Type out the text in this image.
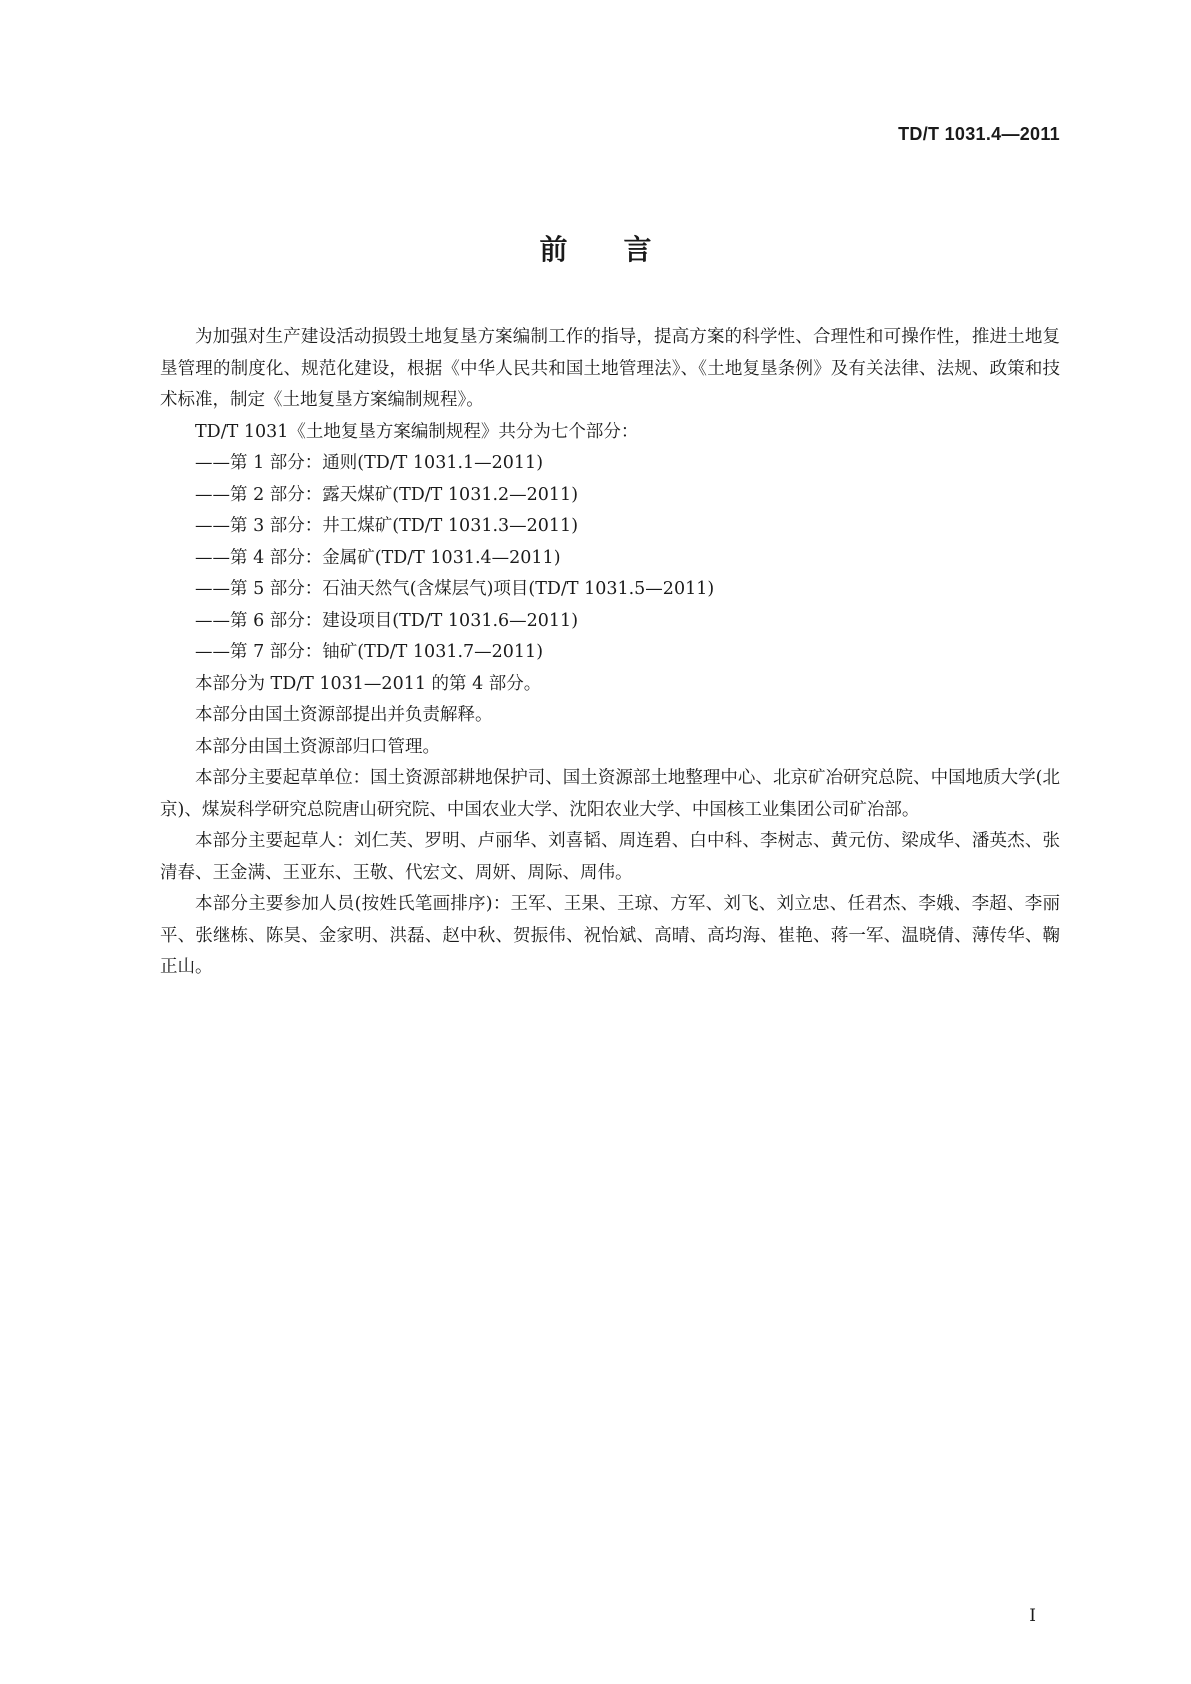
TD/T 1031.4—2011
前 言

为加强对生产建设活动损毁土地复垦方案编制工作的指导，提高方案的科学性、合理性和可操作性，推进土地复垦管理的制度化、规范化建设，根据《中华人民共和国土地管理法》、《土地复垦条例》及有关法律、法规、政策和技术标准，制定《土地复垦方案编制规程》。

TD/T 1031《土地复垦方案编制规程》共分为七个部分：

——第 1 部分：通则(TD/T 1031.1—2011)

——第 2 部分：露天煤矿(TD/T 1031.2—2011)

——第 3 部分：井工煤矿(TD/T 1031.3—2011)

——第 4 部分：金属矿(TD/T 1031.4—2011)

——第 5 部分：石油天然气(含煤层气)项目(TD/T 1031.5—2011)

——第 6 部分：建设项目(TD/T 1031.6—2011)

——第 7 部分：铀矿(TD/T 1031.7—2011)

本部分为 TD/T 1031—2011 的第 4 部分。

本部分由国土资源部提出并负责解释。

本部分由国土资源部归口管理。

本部分主要起草单位：国土资源部耕地保护司、国土资源部土地整理中心、北京矿冶研究总院、中国地质大学(北京)、煤炭科学研究总院唐山研究院、中国农业大学、沈阳农业大学、中国核工业集团公司矿冶部。

本部分主要起草人：刘仁芙、罗明、卢丽华、刘喜韬、周连碧、白中科、李树志、黄元仿、梁成华、潘英杰、张清春、王金满、王亚东、王敬、代宏文、周妍、周际、周伟。

本部分主要参加人员(按姓氏笔画排序)：王军、王果、王琼、方军、刘飞、刘立忠、任君杰、李娥、李超、李丽平、张继栋、陈昊、金家明、洪磊、赵中秋、贺振伟、祝怡斌、高晴、高均海、崔艳、蒋一军、温晓倩、薄传华、鞠正山。

I
